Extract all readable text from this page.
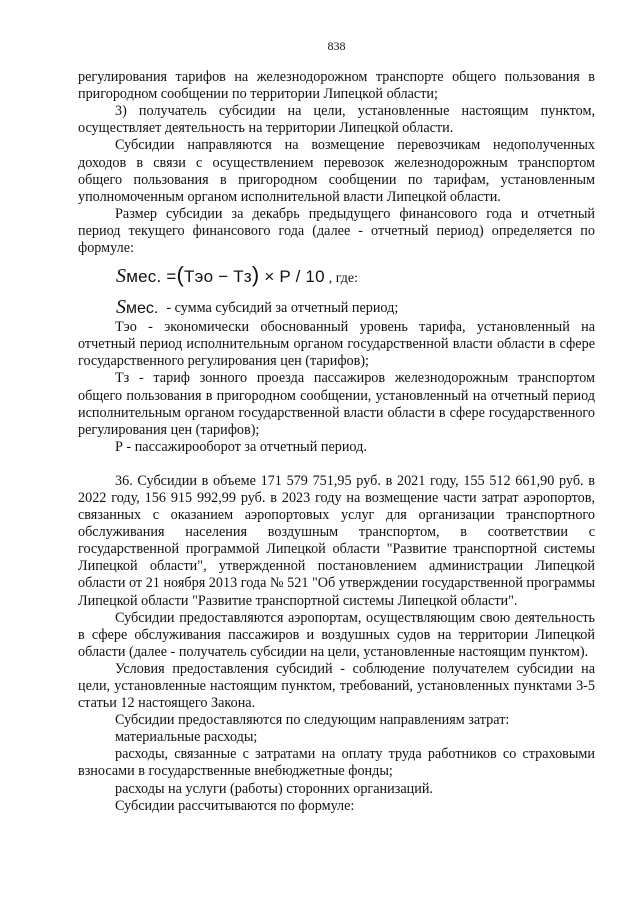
838

регулирования тарифов на железнодорожном транспорте общего пользования в пригородном сообщении по территории Липецкой области;

3) получатель субсидии на цели, установленные настоящим пунктом, осуществляет деятельность на территории Липецкой области.

Субсидии направляются на возмещение перевозчикам недополученных доходов в связи с осуществлением перевозок железнодорожным транспортом общего пользования в пригородном сообщении по тарифам, установленным уполномоченным органом исполнительной власти Липецкой области.

Размер субсидии за декабрь предыдущего финансового года и отчетный период текущего финансового года (далее - отчетный период) определяется по формуле:

Sмес. =(Тэо − Тз) × P / 10 , где:
Sмес. - сумма субсидий за отчетный период;

Тэо - экономически обоснованный уровень тарифа, установленный на отчетный период исполнительным органом государственной власти области в сфере государственного регулирования цен (тарифов);

Тз - тариф зонного проезда пассажиров железнодорожным транспортом общего пользования в пригородном сообщении, установленный на отчетный период исполнительным органом государственной власти области в сфере государственного регулирования цен (тарифов);

Р - пассажирооборот за отчетный период.

36. Субсидии в объеме 171 579 751,95 руб. в 2021 году, 155 512 661,90 руб. в 2022 году, 156 915 992,99 руб. в 2023 году на возмещение части затрат аэропортов, связанных с оказанием аэропортовых услуг для организации транспортного обслуживания населения воздушным транспортом, в соответствии с государственной программой Липецкой области "Развитие транспортной системы Липецкой области", утвержденной постановлением администрации Липецкой области от 21 ноября 2013 года № 521 "Об утверждении государственной программы Липецкой области "Развитие транспортной системы Липецкой области".

Субсидии предоставляются аэропортам, осуществляющим свою деятельность в сфере обслуживания пассажиров и воздушных судов на территории Липецкой области (далее - получатель субсидии на цели, установленные настоящим пунктом).

Условия предоставления субсидий - соблюдение получателем субсидии на цели, установленные настоящим пунктом, требований, установленных пунктами 3-5 статьи 12 настоящего Закона.

Субсидии предоставляются по следующим направлениям затрат:

материальные расходы;

расходы, связанные с затратами на оплату труда работников со страховыми взносами в государственные внебюджетные фонды;

расходы на услуги (работы) сторонних организаций.

Субсидии рассчитываются по формуле:
